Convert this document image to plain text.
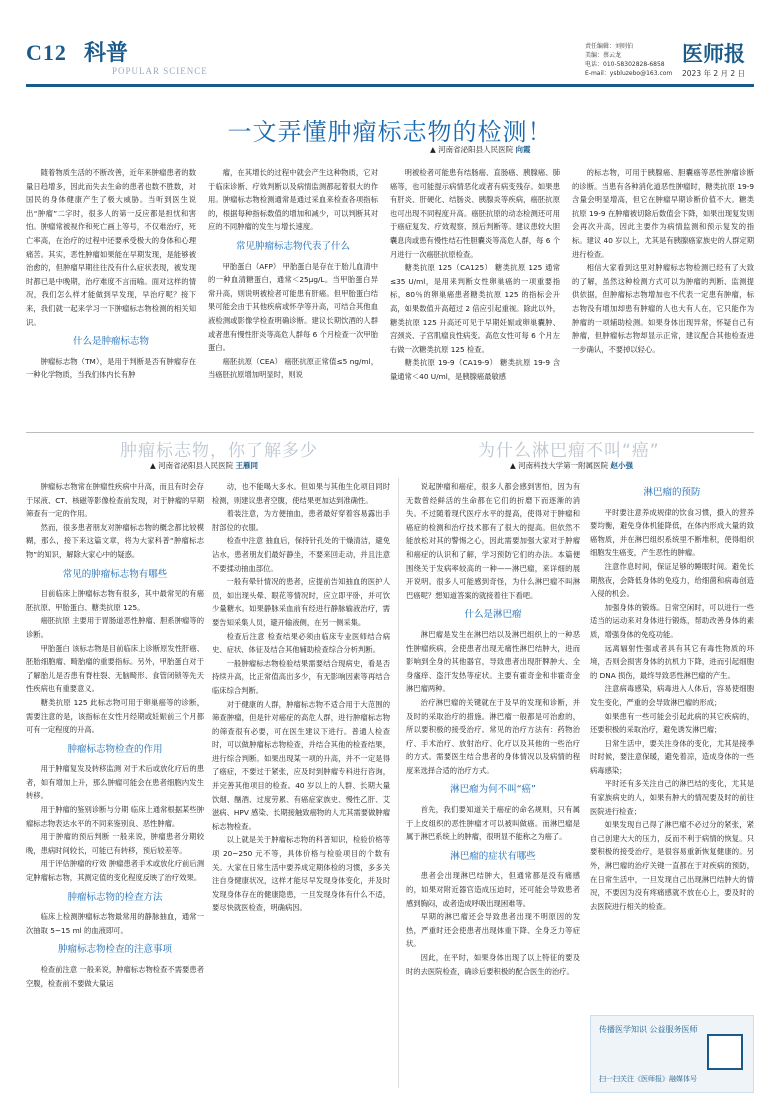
C12 科普
POPULAR SCIENCE
责任编辑：刘则伯
美编：蔡云龙
电话：010-58302828-6858
E-mail：ysbluzebo@163.com
医师报
2023 年 2 月 2 日
一文弄懂肿瘤标志物的检测！
▲ 河南省泌阳县人民医院 向霞

随着物质生活的不断改善，近年来肿瘤患者的数量日趋增多，因此而失去生命的患者也数不胜数，对国民的身体健康产生了极大威胁。当听到医生说出“肿瘤”二字时，很多人的第一反应都是担忧和害怕。肿瘤常被视作和死亡画上等号，不仅难治疗，死亡率高，在治疗的过程中还要承受极大的身体和心理痛苦。其实，恶性肿瘤如果能在早期发现，是能够被治愈的，但肿瘤早期往往没有什么症状表现，被发现时都已是中晚期，治疗难度不言而喻。面对这样的情况，我们怎么样才能做到早发现，早治疗呢？接下来，我们就一起来学习一下肿瘤标志物检测的相关知识。

什么是肿瘤标志物

肿瘤标志物（TM），是用于判断是否有肿瘤存在一种化学物质，当我们体内长有肿

瘤，在其增长的过程中就会产生这种物质，它对于临床诊断、疗效判断以及病情监测都起着很大的作用。肿瘤标志物检测通常是通过采血来检查各项指标的，根据每种指标数值的增加和减少，可以判断其对应的不同肿瘤的发生与增长速度。

常见肿瘤标志物代表了什么

甲胎蛋白（AFP） 甲胎蛋白是存在于胎儿血清中的一种血清糖蛋白，通常＜25μg/L。当甲胎蛋白异常升高，则说明被检者可能患有肝癌。但甲胎蛋白结果可能会由于其他疾病或怀孕等升高，可结合其他血液检测或影像学检查明确诊断。建议长期饮酒的人群或者患有慢性肝炎等高危人群每 6 个月检查一次甲胎蛋白。

癌胚抗原（CEA） 癌胚抗原正常值≤5 ng/ml，当癌胚抗原增加明显时，则说

明被检者可能患有结肠癌、直肠癌、胰腺癌、肺癌等，也可能提示病情恶化或者有病变残存。如果患有肝炎、肝硬化、结肠炎、胰腺炎等疾病，癌胚抗原也可出现不同程度升高。癌胚抗原的动态检测还可用于癌症复发、疗效观察、预后判断等。建议患较大胆囊息肉或患有慢性结石性胆囊炎等高危人群，每 6 个月进行一次癌胚抗原检查。

糖类抗原 125（CA125） 糖类抗原 125 通常≤35 U/ml，是用来判断女性卵巢癌的一项重要指标，80％的卵巢癌患者糖类抗原 125 的指标会升高，如果数值升高超过 2 倍应引起重视。除此以外，糖类抗原 125 升高还可见于早期妊娠或卵巢囊肿、宫颈炎、子宫肌瘤良性病变。高危女性可每 6 个月左右做一次糖类抗原 125 检查。

糖类抗原 19-9（CA19-9） 糖类抗原 19-9 含量通常＜40 U/ml，是胰腺癌最敏感

的标志物，可用于胰腺癌、胆囊癌等恶性肿瘤诊断的诊断。当患有各种消化道恶性肿瘤时，糖类抗原 19-9 含量会明显增高，但它在肿瘤早期诊断价值不大。糖类抗原 19-9 在肿瘤被切除后数值会下降，如果出现复发则会再次升高，因此主要作为病情监测和预示复发的指标。建议 40 岁以上，尤其是有胰腺癌家族史的人群定期进行检查。

相信大家看到这里对肿瘤标志物检测已经有了大致的了解，虽然这种检测方式可以为肿瘤的判断、监测提供依据，但肿瘤标志物增加也不代表一定患有肿瘤，标志物没有增加却患有肿瘤的人也大有人在，它只能作为肿瘤的一项辅助检测。如果身体出现异常，怀疑自己有肿瘤，但肿瘤标志物却显示正常，建议配合其他检查进一步确认，不要掉以轻心。

肿瘤标志物，你了解多少
▲ 河南省泌阳县人民医院 王雁同
为什么淋巴瘤不叫“癌”
▲ 河南科技大学第一附属医院 赵小强

肿瘤标志物常在肿瘤性疾病中升高，而且有时会存于尿液、CT、核磁等影像检查前发现，对于肿瘤的早期筛查有一定的作用。

然而，很多患者朋友对肿瘤标志物的概念都比较模糊，那么，接下来这篇文章，将为大家科普“肿瘤标志物”的知识，解除大家心中的疑惑。

常见的肿瘤标志物有哪些

目前临床上肿瘤标志物有很多，其中最常见的有癌胚抗原、甲胎蛋白、糖类抗原 125。

癌胚抗原 主要用于胃肠道恶性肿瘤、胆系肿瘤等的诊断。

甲胎蛋白 该标志物是目前临床上诊断原发性肝癌、胚胎细胞瘤、畸胎瘤的重要指标。另外，甲胎蛋白对于了解胎儿是否患有脊柱裂、无脑畸形、食管闭锁等先天性疾病也有重要意义。

糖类抗原 125 此标志物可用于卵巢癌等的诊断，需要注意的是，该指标在女性月经期或妊娠前三个月都可有一定程度的升高。

肿瘤标志物检查的作用

用于肿瘤复发及转移监测 对于术后或放化疗后的患者，如有增加上升，那么肿瘤可能会在患者细胞内发生转移。

用于肿瘤的鉴别诊断与分期 临床上通常根据某些肿瘤标志物表达水平的不同来鉴别良、恶性肿瘤。

用于肿瘤的预后判断 一般来说，肿瘤患者分期较晚，患病时间较长，可能已有转移，预后较差等。

用于评估肿瘤的疗效 肿瘤患者手术或放化疗前后测定肿瘤标志物，其测定值的变化程度反映了治疗效果。

肿瘤标志物的检查方法

临床上检测肿瘤标志物最常用的静脉抽血，通常一次抽取 5~15 ml 的血液即可。

肿瘤标志物检查的注意事项

检查前注意 一般来说，肿瘤标志物检查不需要患者空腹，检查前不要做大量运

动，也不能喝大多水。但如果与其他生化项目同时检测，则建议患者空腹，使结果更加达到准确性。

着装注意，为方便抽血，患者最好穿着容易露出手肘部位的衣服。

检查中注意 抽血后，保持针孔处的干燥清洁，避免沾水，患者朋友们最好静坐，不要来回走动，并且注意不要揉动抽血部位。

一般有晕针情况的患者，应提前告知抽血的医护人员，如出现头晕、眼花等情况时，应立即平卧，并可饮少量糖水。如果静脉采血前有经进行静脉输液治疗，需要告知采集人员，避开输液侧，在另一侧采集。

检查后注意 检查结果必须由临床专业医师结合病史、症状、体征及结合其他辅助检查综合分析判断。

一般肿瘤标志物检验结果需要结合现病史，看是否持续升高，比正常值高出多少，有无影响因素等再结合临床综合判断。

对于健康的人群，肿瘤标志物不适合用于大范围的筛查肿瘤，但是针对癌症的高危人群，进行肿瘤标志物的筛查很有必要，可在医生建议下进行。普通人检查时，可以做肿瘤标志物检查，并结合其他的检查结果，进行综合判断。如果出现某一项的升高，并不一定是得了癌症，不要过于紧张，应及时到肿瘤专科进行咨询，并完善其他项目的检查。40 岁以上的人群、长期大量饮烟、酗酒、过度劳累、有癌症家族史、慢性乙肝、艾滋病、HPV 感染、长期接触致癌物的人尤其需要做肿瘤标志物检查。

以上就是关于肿瘤标志物的科普知识，检验价格等项 20~250 元不等，具体价格与检验项目的个数有关。大家在日常生活中要养成定期体检的习惯，多多关注自身健康状况，这样才能尽早发现身体变化，并及时发现身体存在的健康隐患，一旦发现身体有什么不适，要尽快就医检查，明确病因。

说起肿瘤和癌症，很多人都会感到害怕，因为有无数曾经鲜活的生命都在它们的折磨下而逐渐的消失。不过随着现代医疗水平的提高，使得对于肿瘤和癌症的检测和治疗技术都有了很大的提高。但依然不能放松对其的警惕之心，因此需要加强大家对于肿瘤和癌症的认识和了解，学习预防它们的办法。本篇便围绕关于发病率较高的一种——淋巴瘤，来详细的展开说明。很多人可能感到奇怪，为什么淋巴瘤不叫淋巴癌呢？想知道答案的就接着往下看吧。

什么是淋巴瘤

淋巴瘤是发生在淋巴结以及淋巴组织上的一种恶性肿瘤疾病，会使患者出现无痛性淋巴结肿大，进而影响到全身的其他器官，导致患者出现肝脾肿大、全身瘙痒、盗汗发热等症状。主要有霍奇金和非霍奇金淋巴瘤两种。

治疗淋巴瘤的关键就在于及早的发现和诊断，并及时的采取治疗的措施。淋巴瘤一般都是可治愈的，所以要积极的接受治疗。常见的治疗方法有：药物治疗、手术治疗、放射治疗、化疗以及其他的一些治疗的方式。需要医生结合患者的身体情况以及病情的程度来选择合适的治疗方式。

淋巴瘤为何不叫“癌”

首先，我们要知道关于癌症的命名规则，只有属于上皮组织的恶性肿瘤才可以被叫做癌。而淋巴瘤是属于淋巴系统上的肿瘤，很明显不能称之为癌了。

淋巴瘤的症状有哪些

患者会出现淋巴结肿大，但通常都是没有痛感的，如果对附近器官造成压迫时，还可能会导致患者感到胸闷，或者造成呼吸出现困难等。

早期的淋巴瘤还会导致患者出现不明原因的发热，严重时还会使患者出现体重下降、全身乏力等症状。

因此，在平时，如果身体出现了以上特征的要及时的去医院检查，确诊后要积极的配合医生的治疗。

淋巴瘤的预防

平时要注意养成规律的饮食习惯，摄入的营养要均衡，避免身体机能降低，在体内形成大量的致癌物质，并在淋巴组织系统里不断堆积，使得组织细胞发生癌变，产生恶性的肿瘤。

注意作息时间，保证足够的睡眠时间。避免长期熬夜，会降低身体的免疫力，给细菌和病毒创造入侵的机会。

加强身体的锻炼。日常空闲时，可以进行一些适当的运动来对身体进行锻炼，帮助改善身体的素质，增强身体的免疫功能。

远离辐射性强或者具有其它有毒性物质的环境，否则会损害身体的抗机力下降，进而引起细胞的 DNA 损伤，最终导致恶性淋巴瘤的产生。

注意病毒感染，病毒进入人体后，容易使细胞发生变化，严重的会导致淋巴瘤的形成；

如果患有一些可能会引起此病的其它疾病的，还要积极的采取治疗，避免诱发淋巴瘤；

日常生活中，要关注身体的变化，尤其是接季时时候，要注意保暖，避免着凉，造成身体的一些病毒感染；

平时还有多关注自己的淋巴结的变化，尤其是有家族病史的人，如果有肿大的情况要及时的前往医院进行检查；

如果发现自己得了淋巴瘤不必过分的紧张，紧自己创建大大的压力，反而不利于病情的恢复。只要积极的接受治疗，是很容易重新恢复健康的。另外，淋巴瘤的治疗关键一直都在于对疾病的预防，在日常生活中，一旦发现自己出现淋巴结肿大的情况，不要因为没有疼痛感就不放在心上，要及时的去医院进行相关的检查。

传播医学知识 公益服务医师
扫一扫关注《医师报》融媒体号
